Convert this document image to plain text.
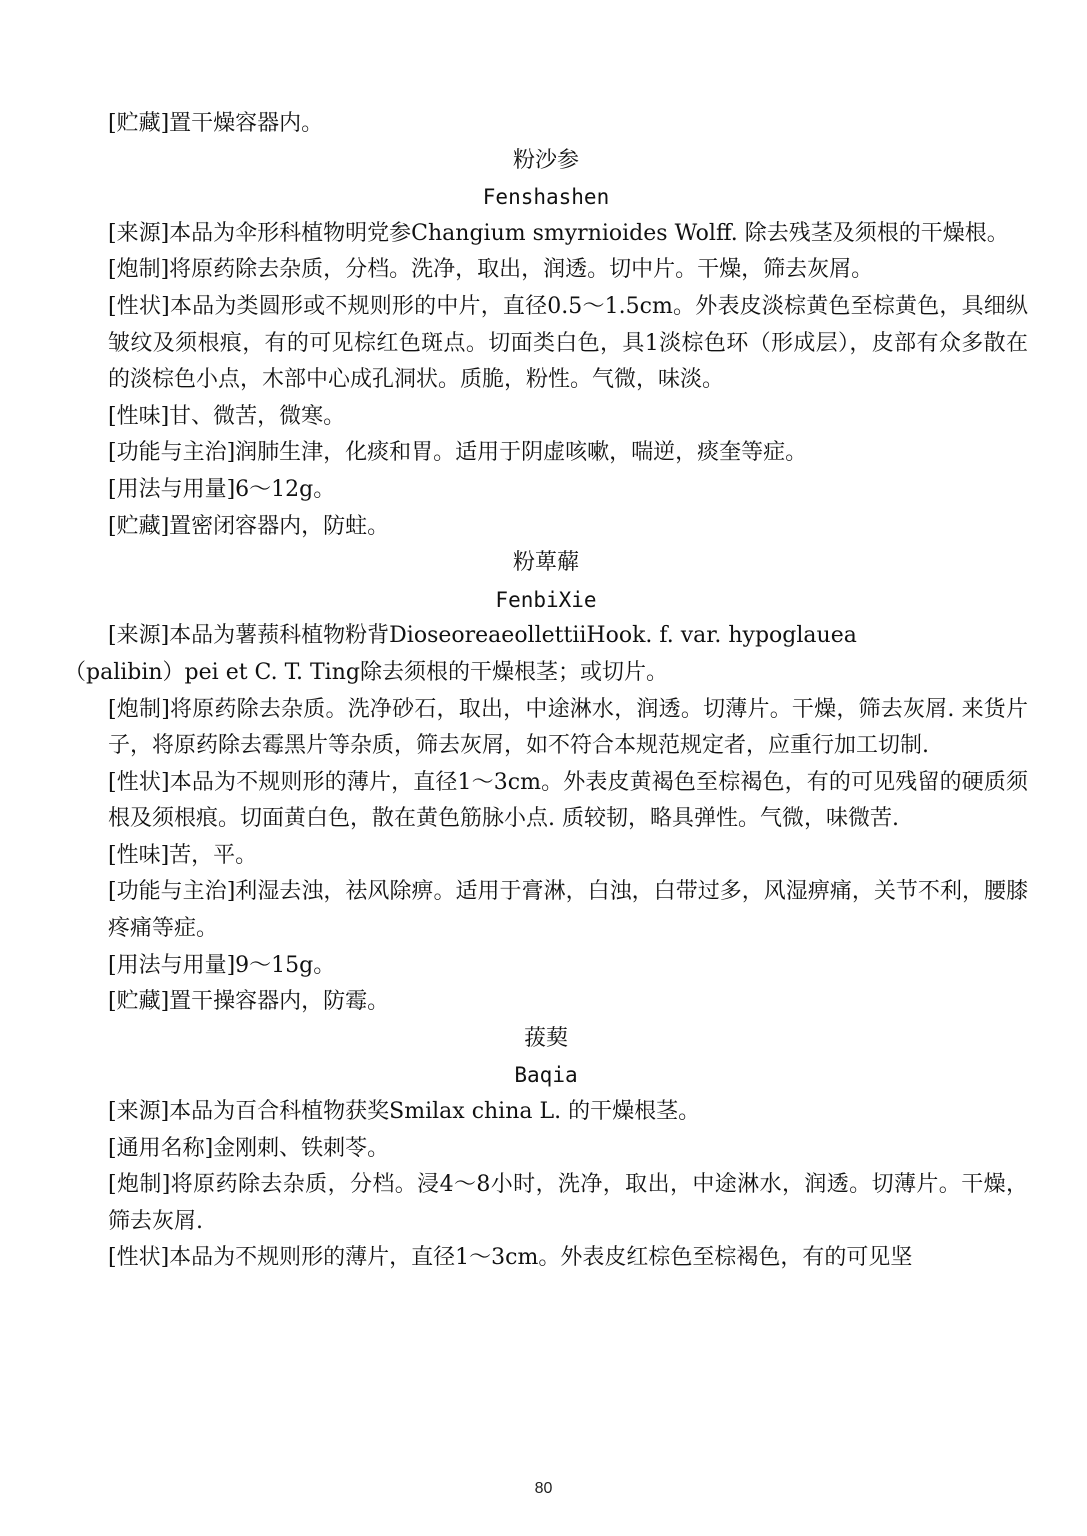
[贮藏]置干燥容器内。
粉沙参
Fenshashen

[来源]本品为伞形科植物明党参Changium smyrnioides Wolff. 除去残茎及须根的干燥根。

[炮制]将原药除去杂质，分档。洗净，取出，润透。切中片。干燥，筛去灰屑。

[性状]本品为类圆形或不规则形的中片，直径0.5～1.5cm。外表皮淡棕黄色至棕黄色，具细纵皱纹及须根痕，有的可见棕红色斑点。切面类白色，具1淡棕色环（形成层），皮部有众多散在的淡棕色小点，木部中心成孔洞状。质脆，粉性。气微，味淡。

[性味]甘、微苦，微寒。
[功能与主治]润肺生津，化痰和胃。适用于阴虚咳嗽，喘逆，痰奎等症。
[用法与用量]6～12g。
[贮藏]置密闭容器内，防蛀。
粉萆薢
FenbiXie
[来源]本品为薯蓣科植物粉背DioseoreaeollettiiHook. f. var. hypoglauea
（palibin）pei et C. T. Ting除去须根的干燥根茎；或切片。

[炮制]将原药除去杂质。洗净砂石，取出，中途淋水，润透。切薄片。干燥，筛去灰屑. 来货片子，将原药除去霉黑片等杂质，筛去灰屑，如不符合本规范规定者，应重行加工切制.

[性状]本品为不规则形的薄片，直径1～3cm。外表皮黄褐色至棕褐色，有的可见残留的硬质须根及须根痕。切面黄白色，散在黄色筋脉小点. 质较韧，略具弹性。气微，味微苦.

[性味]苦，平。

[功能与主治]利湿去浊，祛风除痹。适用于膏淋，白浊，白带过多，风湿痹痛，关节不利，腰膝疼痛等症。

[用法与用量]9～15g。
[贮藏]置干操容器内，防霉。
菝葜
Baqia
[来源]本品为百合科植物获奖Smilax china L. 的干燥根茎。
[通用名称]金刚刺、铁刺苓。

[炮制]将原药除去杂质，分档。浸4～8小时，洗净，取出，中途淋水，润透。切薄片。干燥，筛去灰屑.

[性状]本品为不规则形的薄片，直径1～3cm。外表皮红棕色至棕褐色，有的可见坚
80
